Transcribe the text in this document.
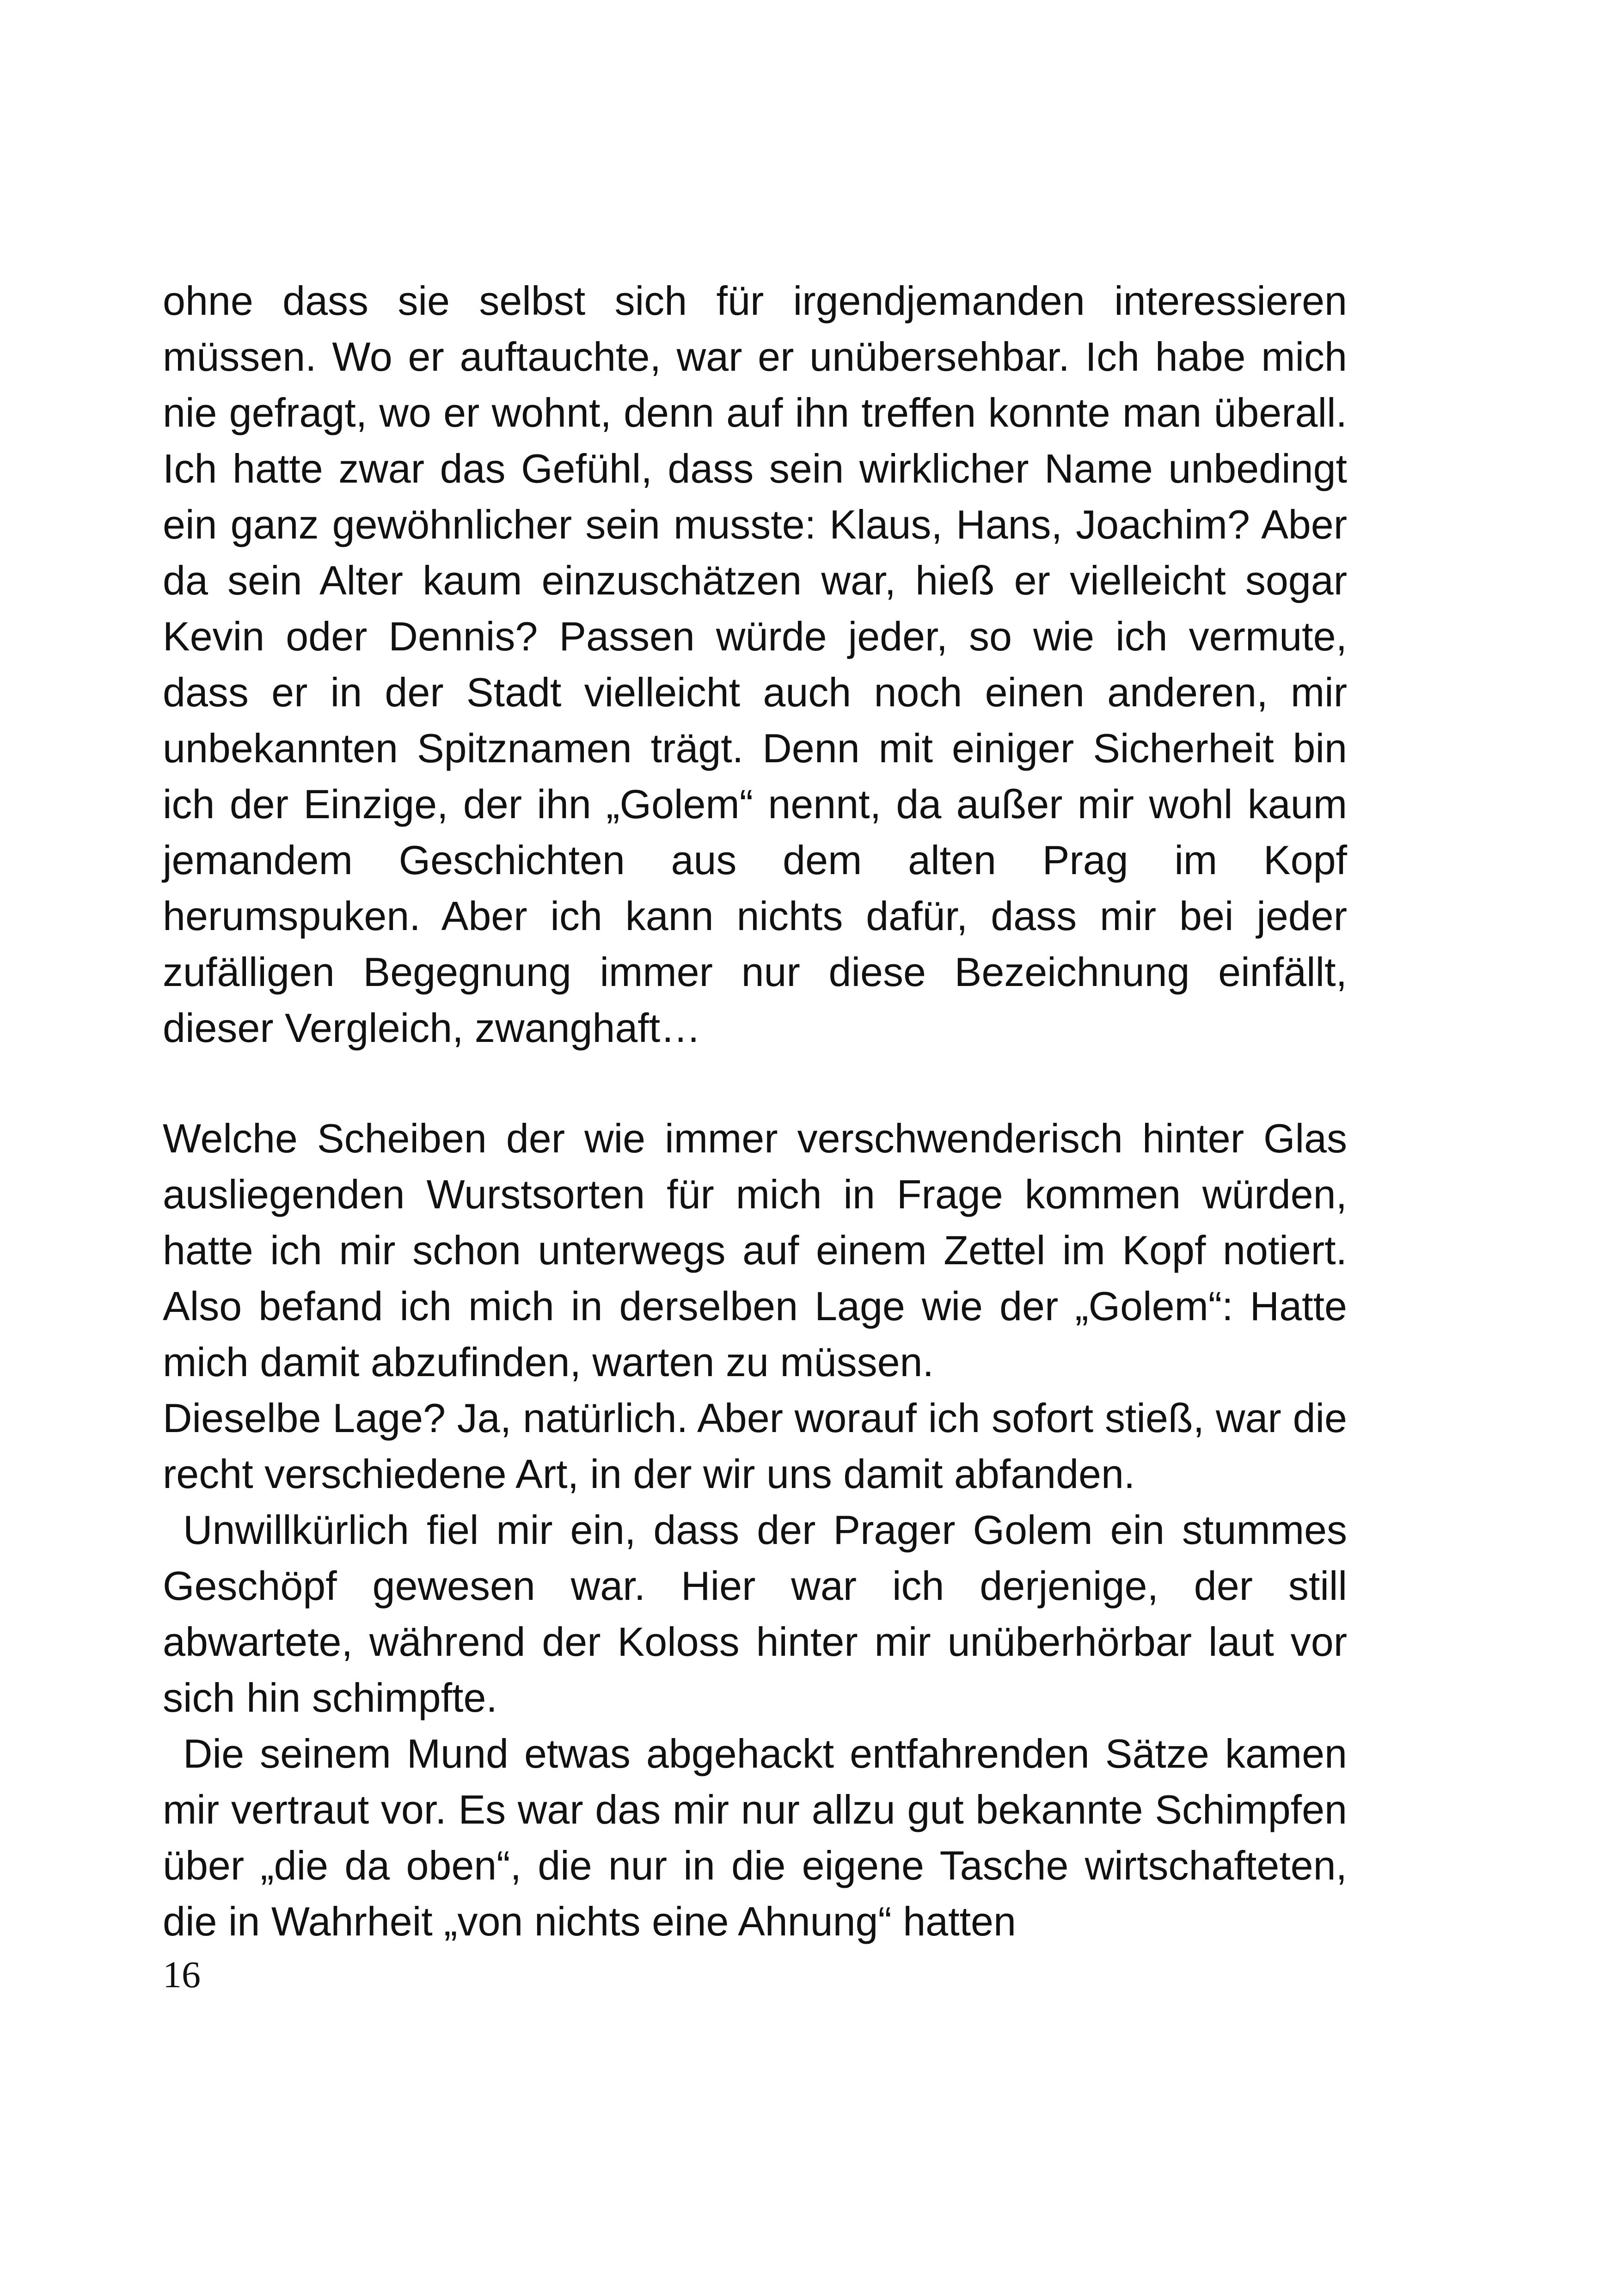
ohne dass sie selbst sich für irgendjemanden interessieren müssen. Wo er auftauchte, war er unübersehbar. Ich habe mich nie gefragt, wo er wohnt, denn auf ihn treffen konnte man überall. Ich hatte zwar das Gefühl, dass sein wirklicher Name unbedingt ein ganz gewöhnlicher sein musste: Klaus, Hans, Joachim? Aber da sein Alter kaum einzuschätzen war, hieß er vielleicht sogar Kevin oder Dennis? Passen würde jeder, so wie ich vermute, dass er in der Stadt vielleicht auch noch einen anderen, mir unbekannten Spitznamen trägt. Denn mit einiger Sicherheit bin ich der Einzige, der ihn „Golem“ nennt, da außer mir wohl kaum jemandem Geschichten aus dem alten Prag im Kopf herumspuken. Aber ich kann nichts dafür, dass mir bei jeder zufälligen Begegnung immer nur diese Bezeichnung einfällt, dieser Vergleich, zwanghaft…

Welche Scheiben der wie immer verschwenderisch hinter Glas ausliegenden Wurstsorten für mich in Frage kommen würden, hatte ich mir schon unterwegs auf einem Zettel im Kopf notiert. Also befand ich mich in derselben Lage wie der „Golem“: Hatte mich damit abzufinden, warten zu müssen.

Dieselbe Lage? Ja, natürlich. Aber worauf ich sofort stieß, war die recht verschiedene Art, in der wir uns damit abfanden.

Unwillkürlich fiel mir ein, dass der Prager Golem ein stummes Geschöpf gewesen war. Hier war ich derjenige, der still abwartete, während der Koloss hinter mir unüberhörbar laut vor sich hin schimpfte.

Die seinem Mund etwas abgehackt entfahrenden Sätze kamen mir vertraut vor. Es war das mir nur allzu gut bekannte Schimpfen über „die da oben“, die nur in die eigene Tasche wirtschafteten, die in Wahrheit „von nichts eine Ahnung“ hatten

16
